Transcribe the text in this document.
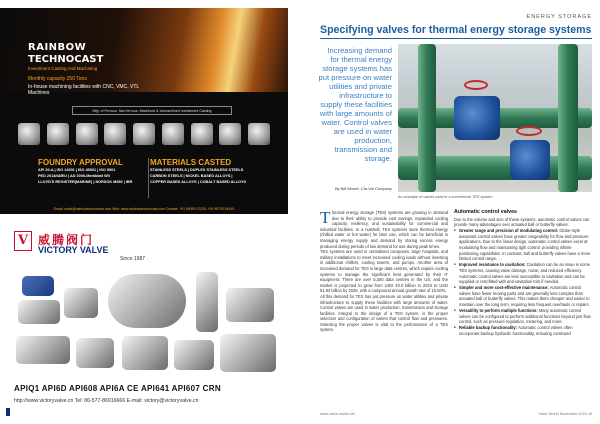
RAINBOW
TECHNOCAST
Investment Casting And Machining
Monthly capacity 250 Tons
In-house machining facilities with CNC, VMC, VTL Machines
Mfg. of Ferrous, Non ferrous, Machined & Unmachined Investment Casting
FOUNDRY APPROVAL
API 20-A | ISO 14001 | ISO 45001 | ISO 9001
PED 2014/68/EU | AD 2000-Merkblatt W0
LLOYD'S REGISTER(MARINE) | NORSOK M650 | IBR
MATERIALS CASTED
STAINLESS STEELS | DUPLEX STAINLESS STEELS
CARBON STEELS | NICKEL BASED ALLOYS |
COPPER BASED ALLOYS | COBALT BASED ALLOYS
Email: mails@rainbowtechnocast.com Web: www.rainbowtechnocast.com Contact: +91 99099 22325, +91 98793 94449
V 威腾阀门
VICTORY VALVE
Since 1987
APIQ1 API6D API608 API6A CE API641 API607 CRN
http://www.victoryvalve.cn Tel: 86-577-86916666 E-mail: victory@victoryvalve.cn
ENERGY STORAGE
Specifying valves for thermal energy storage systems
Increasing demand for thermal energy storage systems has put pressure on water utilities and private infrastructure to supply these facilities with large amounts of water. Control valves are used in water production, transmission and storage.
By Bill Moore, Cla-Val Company
An example of valves used in a commercial TES system
T hermal energy storage (TES) systems are growing in demand due to their ability to provide cost savings, expanded cooling capacity, resiliency, and sustainability for commercial and industrial facilities. In a nutshell, TES systems store thermal energy (chilled water or hot water) for later use, which can be beneficial in managing energy supply and demand by storing excess energy produced during periods of low demand for use during peak times.

TES systems are used in centralised campuses, large hospitals, and military installations to meet increased cooling loads without investing in additional chillers, cooling towers, and pumps. Another area of increased demand for TES is large data centres, which require cooling systems to manage the significant heat generated by their IT equipment. There are over 5,300 data centres in the US, and the market is projected to grow from USD 20.0 billion in 2023 to USD 51.83 billion by 2028, with a compound annual growth rate of 15.50%.

All this demand for TES has put pressure on water utilities and private infrastructure to supply these facilities with large amounts of water. Control valves are used in water production, transmission and storage facilities. Integral to the design of a TES system, is the proper selection and configuration of valves that control flow and pressures. Selecting the proper valves is vital to the performance of a TES system.

Automatic control valves
Due to the volume and size of these systems, automatic control valves can provide many advantages over actuated ball or butterfly valves:
■ Greater range and precision of modulating control: Globe-style automatic control valves have greater rangeability for flow and pressure applications. Due to the linear design, automatic control valves excel at modulating flow and maintaining tight control, providing infinite positioning capabilities. In contrast, ball and butterfly valves have a more limited control range.
■ Improved resistance to cavitation: Cavitation can be an issue in some TES systems, causing valve damage, noise, and reduced efficiency. Automatic control valves are less susceptible to cavitation and can be supplied or retrofitted with anti-cavitation trim if needed.
■ Simpler and more cost-effective maintenance: Automatic control valves have fewer moving parts and are generally less complex than actuated ball or butterfly valves. This makes them cheaper and easier to maintain over the long term, requiring less frequent overhauls or repairs.
■ Versatility to perform multiple functions: Many automatic control valves can be configured to perform additional functions beyond just flow control, such as pressure regulation, metering, and more.
■ Reliable backup functionality: Automatic control valves often incorporate backup hydraulic functionality, ensuring continued
www.valve-world.net	Valve World November 2024 49
